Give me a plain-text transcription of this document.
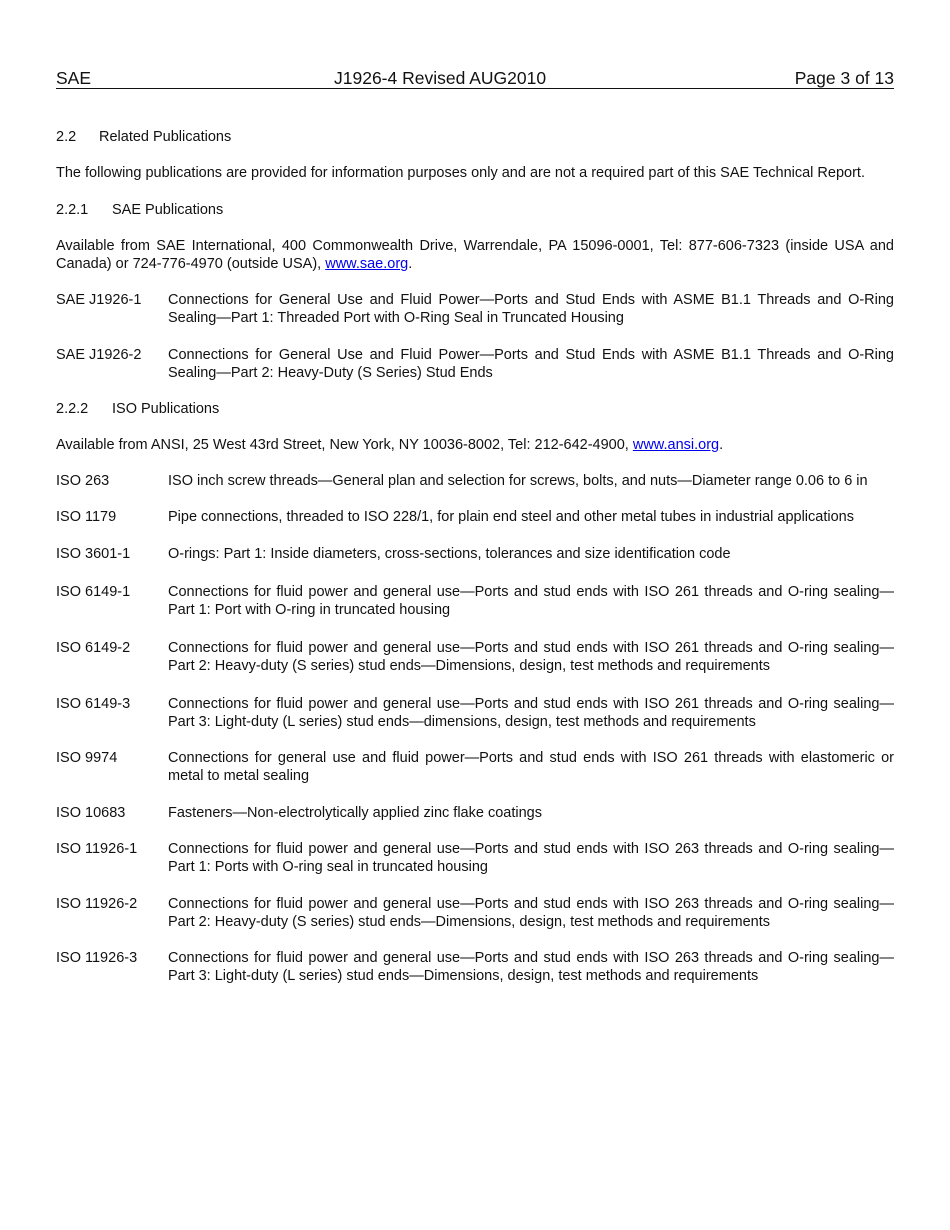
SAE	J1926-4 Revised AUG2010	Page 3 of 13
2.2	Related Publications

The following publications are provided for information purposes only and are not a required part of this SAE Technical Report.

2.2.1	SAE Publications

Available from SAE International, 400 Commonwealth Drive, Warrendale, PA 15096-0001, Tel: 877-606-7323 (inside USA and Canada) or 724-776-4970 (outside USA), www.sae.org.

SAE J1926-1	Connections for General Use and Fluid Power—Ports and Stud Ends with ASME B1.1 Threads and O-Ring Sealing—Part 1: Threaded Port with O-Ring Seal in Truncated Housing
SAE J1926-2	Connections for General Use and Fluid Power—Ports and Stud Ends with ASME B1.1 Threads and O-Ring Sealing—Part 2: Heavy-Duty (S Series) Stud Ends
2.2.2	ISO Publications

Available from ANSI, 25 West 43rd Street, New York, NY 10036-8002, Tel: 212-642-4900, www.ansi.org.

ISO 263	ISO inch screw threads—General plan and selection for screws, bolts, and nuts—Diameter range 0.06 to 6 in
ISO 1179	Pipe connections, threaded to ISO 228/1, for plain end steel and other metal tubes in industrial applications
ISO 3601-1	O-rings: Part 1: Inside diameters, cross-sections, tolerances and size identification code
ISO 6149-1	Connections for fluid power and general use—Ports and stud ends with ISO 261 threads and O-ring sealing—Part 1: Port with O-ring in truncated housing
ISO 6149-2	Connections for fluid power and general use—Ports and stud ends with ISO 261 threads and O-ring sealing—Part 2: Heavy-duty (S series) stud ends—Dimensions, design, test methods and requirements
ISO 6149-3	Connections for fluid power and general use—Ports and stud ends with ISO 261 threads and O-ring sealing—Part 3: Light-duty (L series) stud ends—dimensions, design, test methods and requirements
ISO 9974	Connections for general use and fluid power—Ports and stud ends with ISO 261 threads with elastomeric or metal to metal sealing
ISO 10683	Fasteners—Non-electrolytically applied zinc flake coatings
ISO 11926-1	Connections for fluid power and general use—Ports and stud ends with ISO 263 threads and O-ring sealing—Part 1: Ports with O-ring seal in truncated housing
ISO 11926-2	Connections for fluid power and general use—Ports and stud ends with ISO 263 threads and O-ring sealing—Part 2: Heavy-duty (S series) stud ends—Dimensions, design, test methods and requirements
ISO 11926-3	Connections for fluid power and general use—Ports and stud ends with ISO 263 threads and O-ring sealing—Part 3: Light-duty (L series) stud ends—Dimensions, design, test methods and requirements
